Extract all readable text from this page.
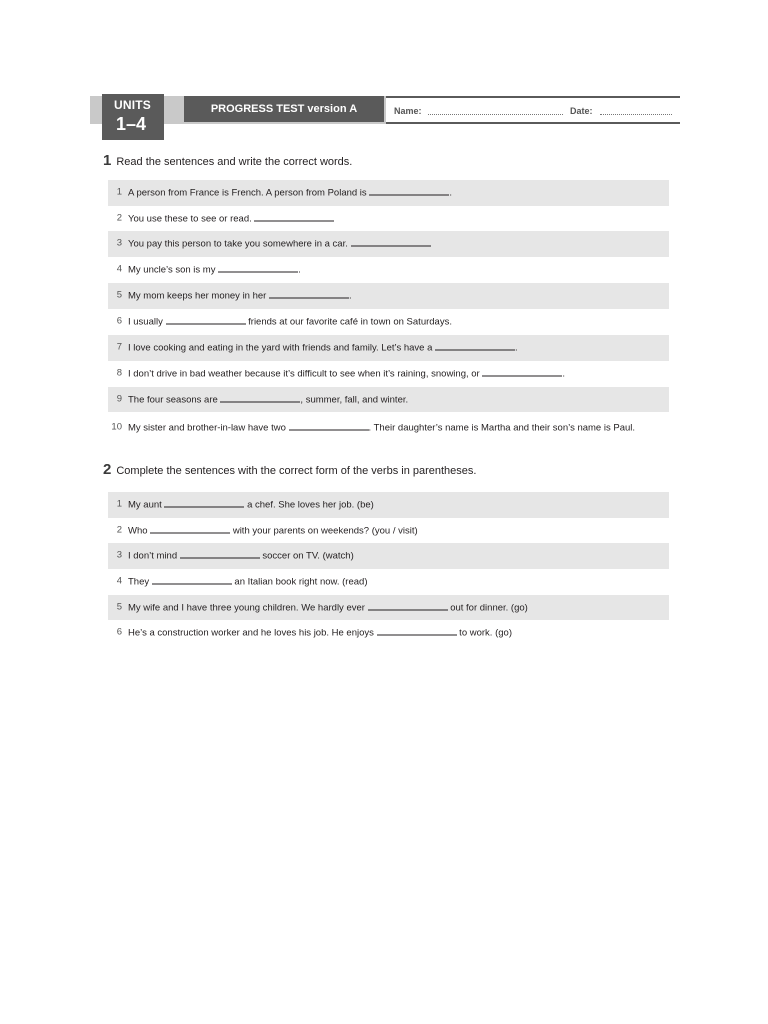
UNITS
1–4
PROGRESS TEST version A	Name:	Date:
1 Read the sentences and write the correct words.
1 A person from France is French. A person from Poland is	.
2 You use these to see or read.
3 You pay this person to take you somewhere in a car.
4 My uncle’s son is my	.
5 My mom keeps her money in her	.
6 I usually	friends at our favorite café in town on Saturdays.
7 I love cooking and eating in the yard with friends and family. Let’s have a	.
8 I don’t drive in bad weather because it’s difficult to see when it’s raining, snowing, or	.
9 The four seasons are	, summer, fall, and winter.
10 My sister and brother-in-law have two	. Their daughter’s name is Martha and their son’s name is Paul.
2 Complete the sentences with the correct form of the verbs in parentheses.
1 My aunt	a chef. She loves her job. (be)
2 Who	with your parents on weekends? (you / visit)
3 I don’t mind	soccer on TV. (watch)
4 They	an Italian book right now. (read)
5 My wife and I have three young children. We hardly ever	out for dinner. (go)
6 He’s a construction worker and he loves his job. He enjoys	to work. (go)
